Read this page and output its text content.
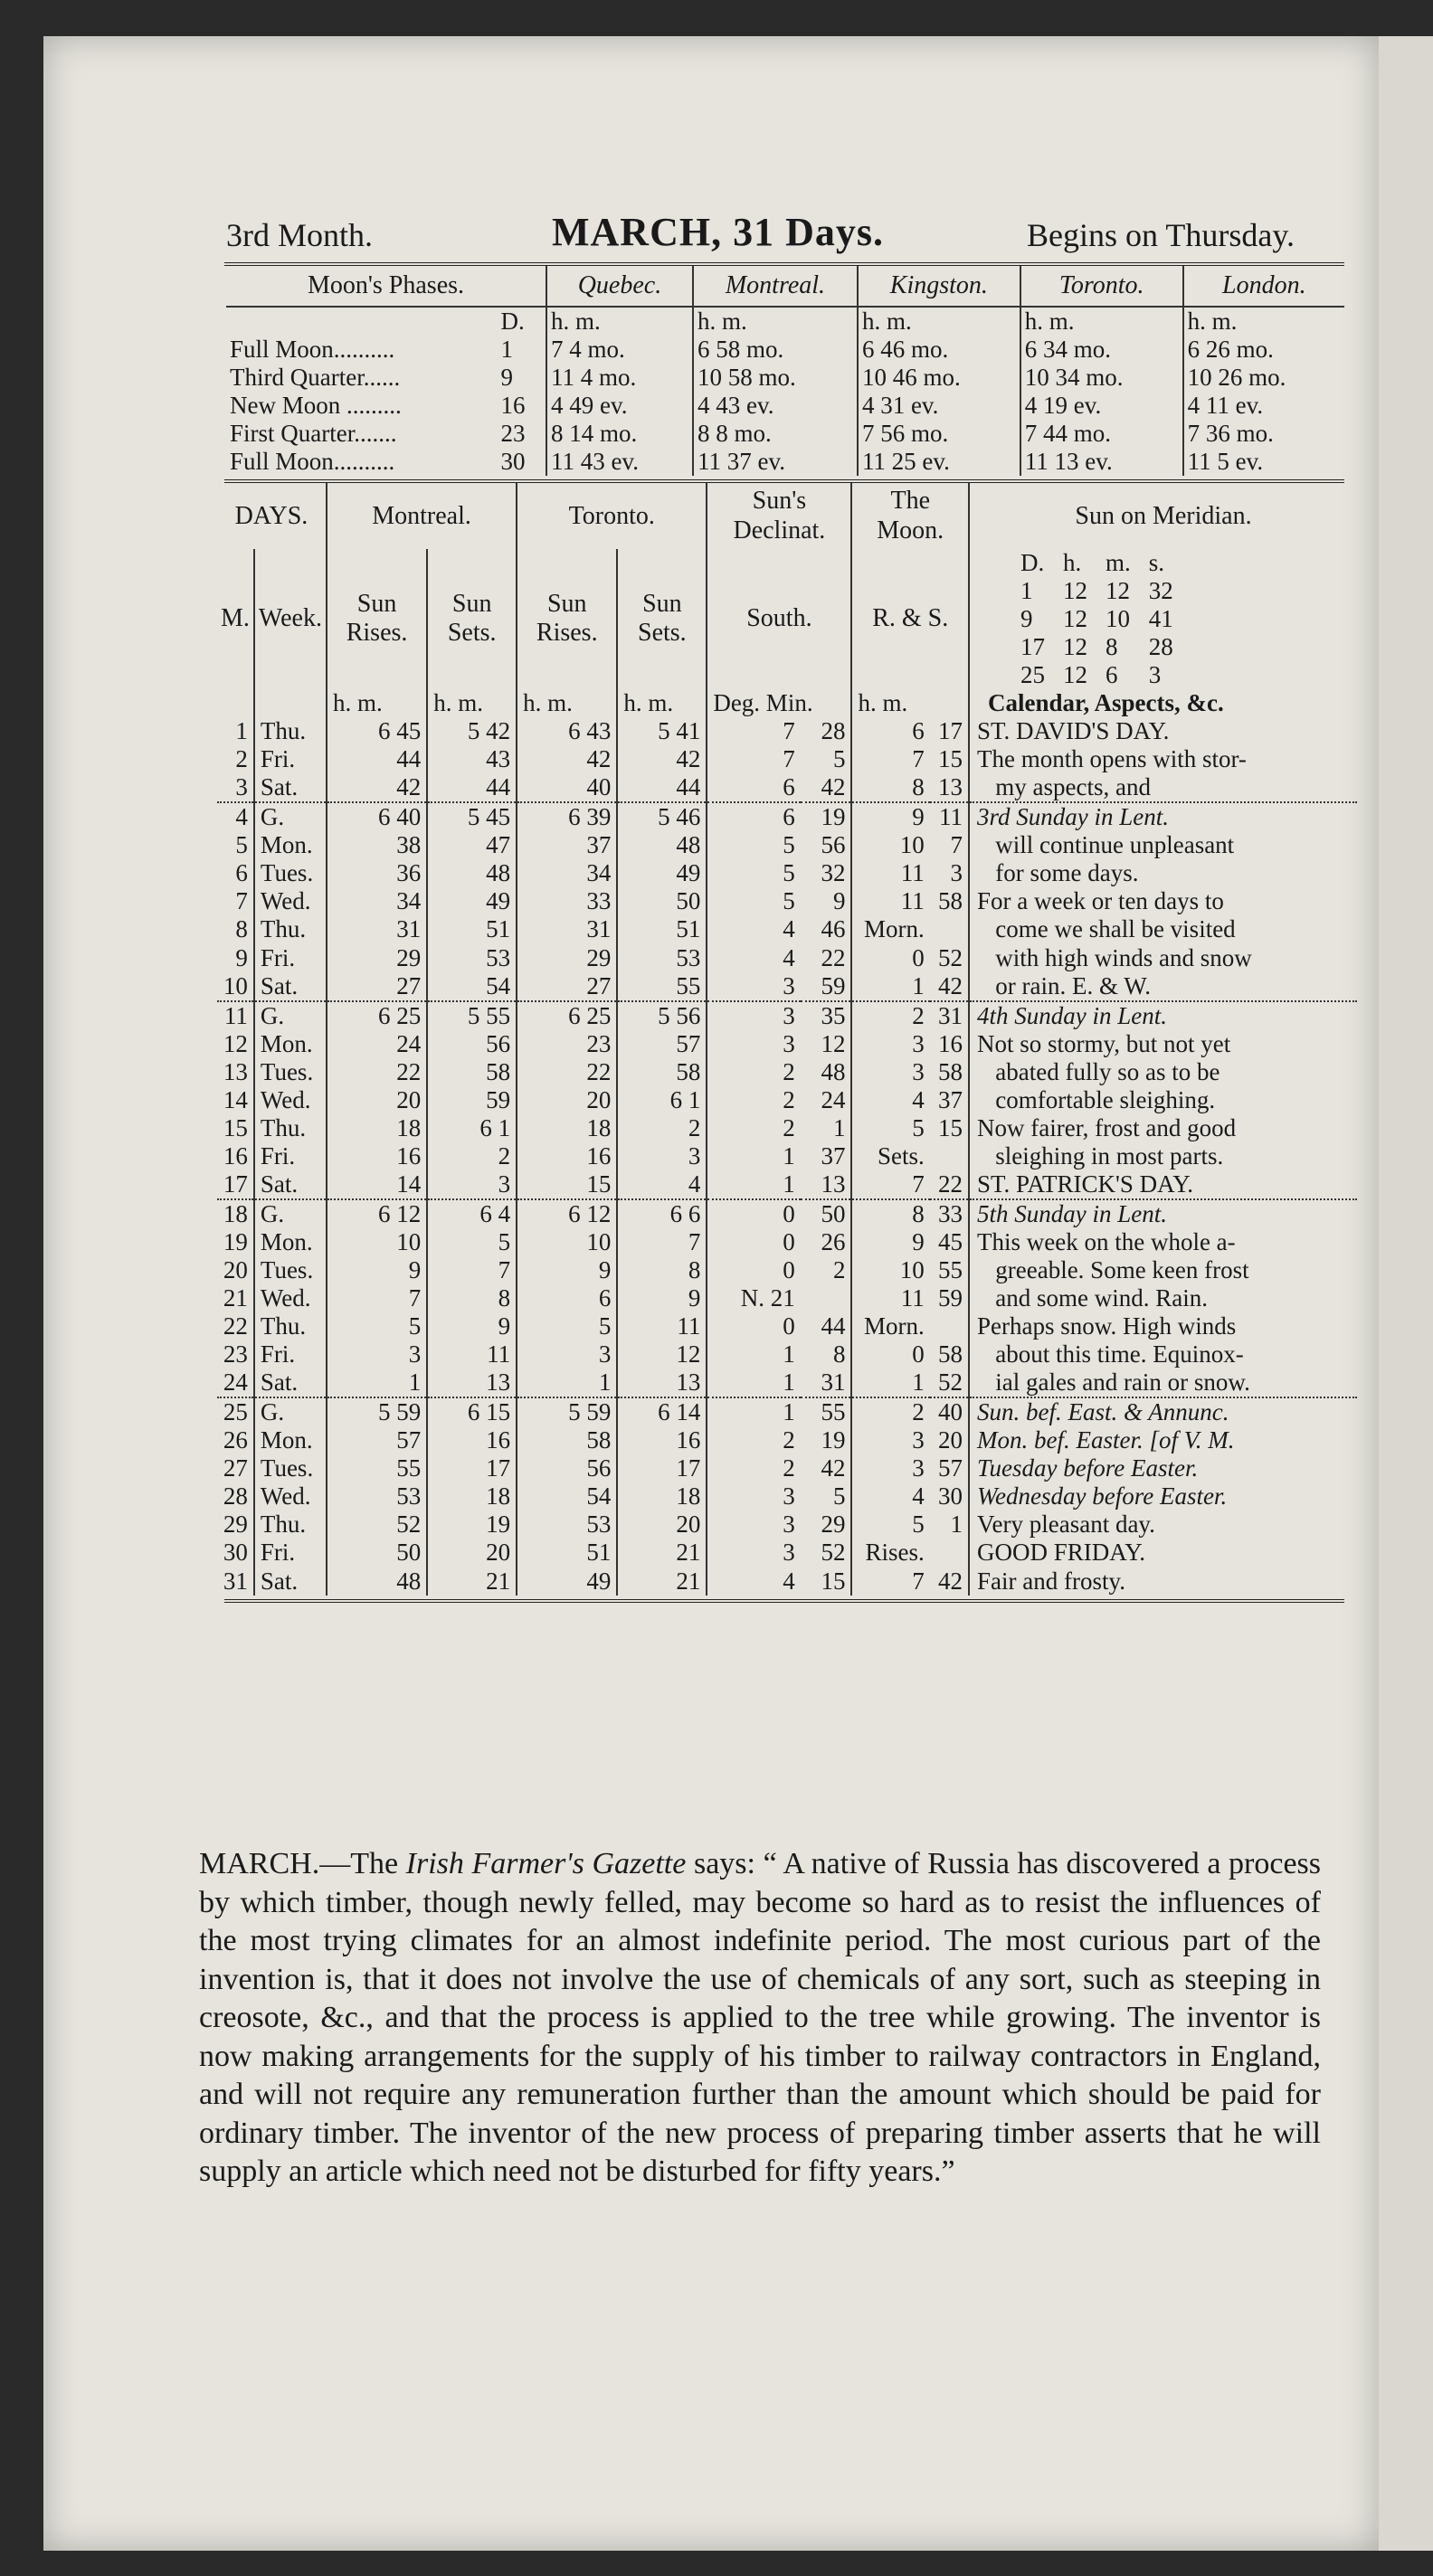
3rd Month.	MARCH, 31 Days.	Begins on Thursday.
Moon's Phases.		Quebec.	Montreal.	Kingston.	Toronto.	London.
	D.	h. m.	h. m.	h. m.	h. m.	h. m.
Full Moon..........	1	7 4 mo.	6 58 mo.	6 46 mo.	6 34 mo.	6 26 mo.
Third Quarter......	9	11 4 mo.	10 58 mo.	10 46 mo.	10 34 mo.	10 26 mo.
New Moon .........	16	4 49 ev.	4 43 ev.	4 31 ev.	4 19 ev.	4 11 ev.
First Quarter.......	23	8 14 mo.	8 8 mo.	7 56 mo.	7 44 mo.	7 36 mo.
Full Moon..........	30	11 43 ev.	11 37 ev.	11 25 ev.	11 13 ev.	11 5 ev.
DAYS.	Montreal.	Toronto.	Sun's Declinat.	The Moon.	Sun on Meridian.
M.	Week.	Sun Rises.	Sun Sets.	Sun Rises.	Sun Sets.	South.	R. & S.	
D.	h.	m.	s.
1	12	12	32
9	12	10	41
17	12	8	28
25	12	6	3

		h. m.	h. m.	h. m.	h. m.	Deg. Min.	h. m.	Calendar, Aspects, &c.
1	Thu.	6 45	5 42	6 43	5 41	7	28	6	17	ST. DAVID'S DAY.
2	Fri.	44	43	42	42	7	5	7	15	The month opens with stor-
3	Sat.	42	44	40	44	6	42	8	13	my aspects, and
4	G.	6 40	5 45	6 39	5 46	6	19	9	11	3rd Sunday in Lent.
5	Mon.	38	47	37	48	5	56	10	7	will continue unpleasant
6	Tues.	36	48	34	49	5	32	11	3	for some days.
7	Wed.	34	49	33	50	5	9	11	58	For a week or ten days to
8	Thu.	31	51	31	51	4	46	Morn.		come we shall be visited
9	Fri.	29	53	29	53	4	22	0	52	with high winds and snow
10	Sat.	27	54	27	55	3	59	1	42	or rain. E. & W.
11	G.	6 25	5 55	6 25	5 56	3	35	2	31	4th Sunday in Lent.
12	Mon.	24	56	23	57	3	12	3	16	Not so stormy, but not yet
13	Tues.	22	58	22	58	2	48	3	58	abated fully so as to be
14	Wed.	20	59	20	6 1	2	24	4	37	comfortable sleighing.
15	Thu.	18	6 1	18	2	2	1	5	15	Now fairer, frost and good
16	Fri.	16	2	16	3	1	37	Sets.		sleighing in most parts.
17	Sat.	14	3	15	4	1	13	7	22	ST. PATRICK'S DAY.
18	G.	6 12	6 4	6 12	6 6	0	50	8	33	5th Sunday in Lent.
19	Mon.	10	5	10	7	0	26	9	45	This week on the whole a-
20	Tues.	9	7	9	8	0	2	10	55	greeable. Some keen frost
21	Wed.	7	8	6	9	N. 21		11	59	and some wind. Rain.
22	Thu.	5	9	5	11	0	44	Morn.		Perhaps snow. High winds
23	Fri.	3	11	3	12	1	8	0	58	about this time. Equinox-
24	Sat.	1	13	1	13	1	31	1	52	ial gales and rain or snow.
25	G.	5 59	6 15	5 59	6 14	1	55	2	40	Sun. bef. East. & Annunc.
26	Mon.	57	16	58	16	2	19	3	20	Mon. bef. Easter. [of V. M.
27	Tues.	55	17	56	17	2	42	3	57	Tuesday before Easter.
28	Wed.	53	18	54	18	3	5	4	30	Wednesday before Easter.
29	Thu.	52	19	53	20	3	29	5	1	Very pleasant day.
30	Fri.	50	20	51	21	3	52	Rises.		GOOD FRIDAY.
31	Sat.	48	21	49	21	4	15	7	42	Fair and frosty.
MARCH.—The Irish Farmer's Gazette says: “ A native of Russia has discovered a process by which timber, though newly felled, may become so hard as to resist the influences of the most trying climates for an almost indefinite period. The most curious part of the invention is, that it does not involve the use of chemicals of any sort, such as steeping in creosote, &c., and that the process is applied to the tree while growing. The inventor is now making arrangements for the supply of his timber to railway contractors in England, and will not require any remuneration further than the amount which should be paid for ordinary timber. The inventor of the new process of preparing timber asserts that he will supply an article which need not be disturbed for fifty years.”
